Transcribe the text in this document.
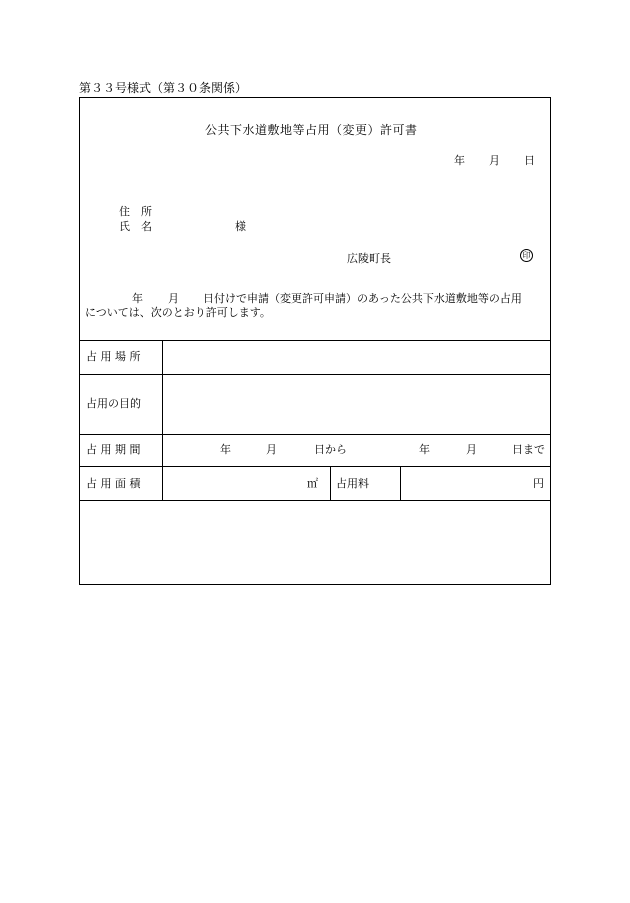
第３３号様式（第３０条関係）
公共下水道敷地等占用（変更）許可書
年 月 日
住　所
氏　名	様
広陵町長	印
年 月 日付けで申請（変更許可申請）のあった公共下水道敷地等の占用
については、次のとおり許可します。
占 用 場 所
占用の目的
占 用 期 間	年	月	日から	年	月	日まで
占 用 面 積	㎡ 占用料	円
